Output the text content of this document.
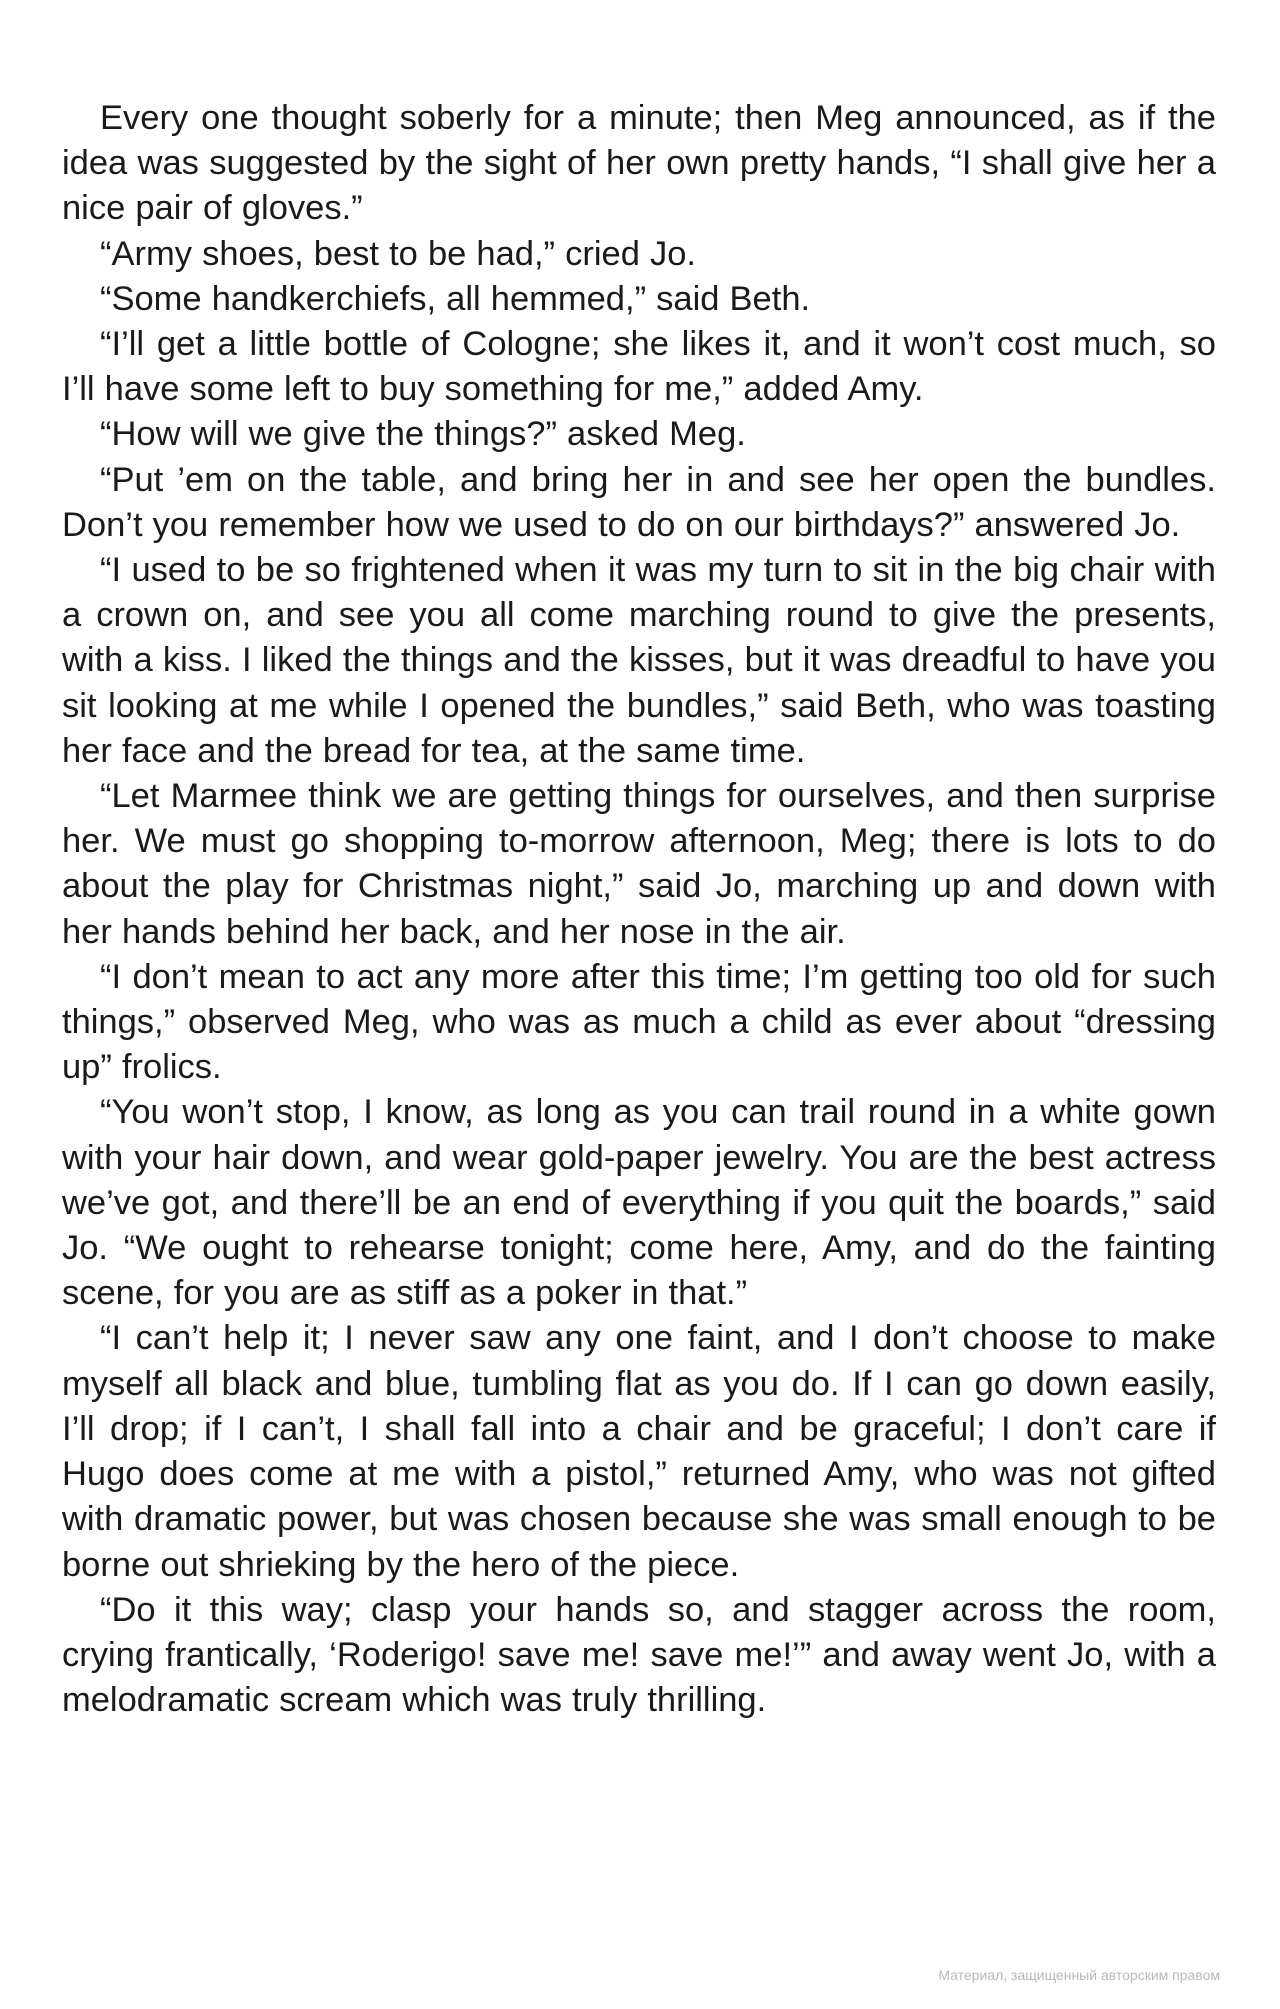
Every one thought soberly for a minute; then Meg announced, as if the idea was suggested by the sight of her own pretty hands, “I shall give her a nice pair of gloves.”

“Army shoes, best to be had,” cried Jo.

“Some handkerchiefs, all hemmed,” said Beth.

“I’ll get a little bottle of Cologne; she likes it, and it won’t cost much, so I’ll have some left to buy something for me,” added Amy.

“How will we give the things?” asked Meg.

“Put ’em on the table, and bring her in and see her open the bundles. Don’t you remember how we used to do on our birthdays?” answered Jo.

“I used to be so frightened when it was my turn to sit in the big chair with a crown on, and see you all come marching round to give the presents, with a kiss. I liked the things and the kisses, but it was dreadful to have you sit looking at me while I opened the bundles,” said Beth, who was toasting her face and the bread for tea, at the same time.

“Let Marmee think we are getting things for ourselves, and then surprise her. We must go shopping to-morrow afternoon, Meg; there is lots to do about the play for Christmas night,” said Jo, marching up and down with her hands behind her back, and her nose in the air.

“I don’t mean to act any more after this time; I’m getting too old for such things,” observed Meg, who was as much a child as ever about “dressing up” frolics.

“You won’t stop, I know, as long as you can trail round in a white gown with your hair down, and wear gold-paper jewelry. You are the best actress we’ve got, and there’ll be an end of everything if you quit the boards,” said Jo. “We ought to rehearse tonight; come here, Amy, and do the fainting scene, for you are as stiff as a poker in that.”

“I can’t help it; I never saw any one faint, and I don’t choose to make myself all black and blue, tumbling flat as you do. If I can go down easily, I’ll drop; if I can’t, I shall fall into a chair and be graceful; I don’t care if Hugo does come at me with a pistol,” returned Amy, who was not gifted with dramatic power, but was chosen because she was small enough to be borne out shrieking by the hero of the piece.

“Do it this way; clasp your hands so, and stagger across the room, crying frantically, ‘Roderigo! save me! save me!’” and away went Jo, with a melodramatic scream which was truly thrilling.

Материал, защищенный авторским правом
